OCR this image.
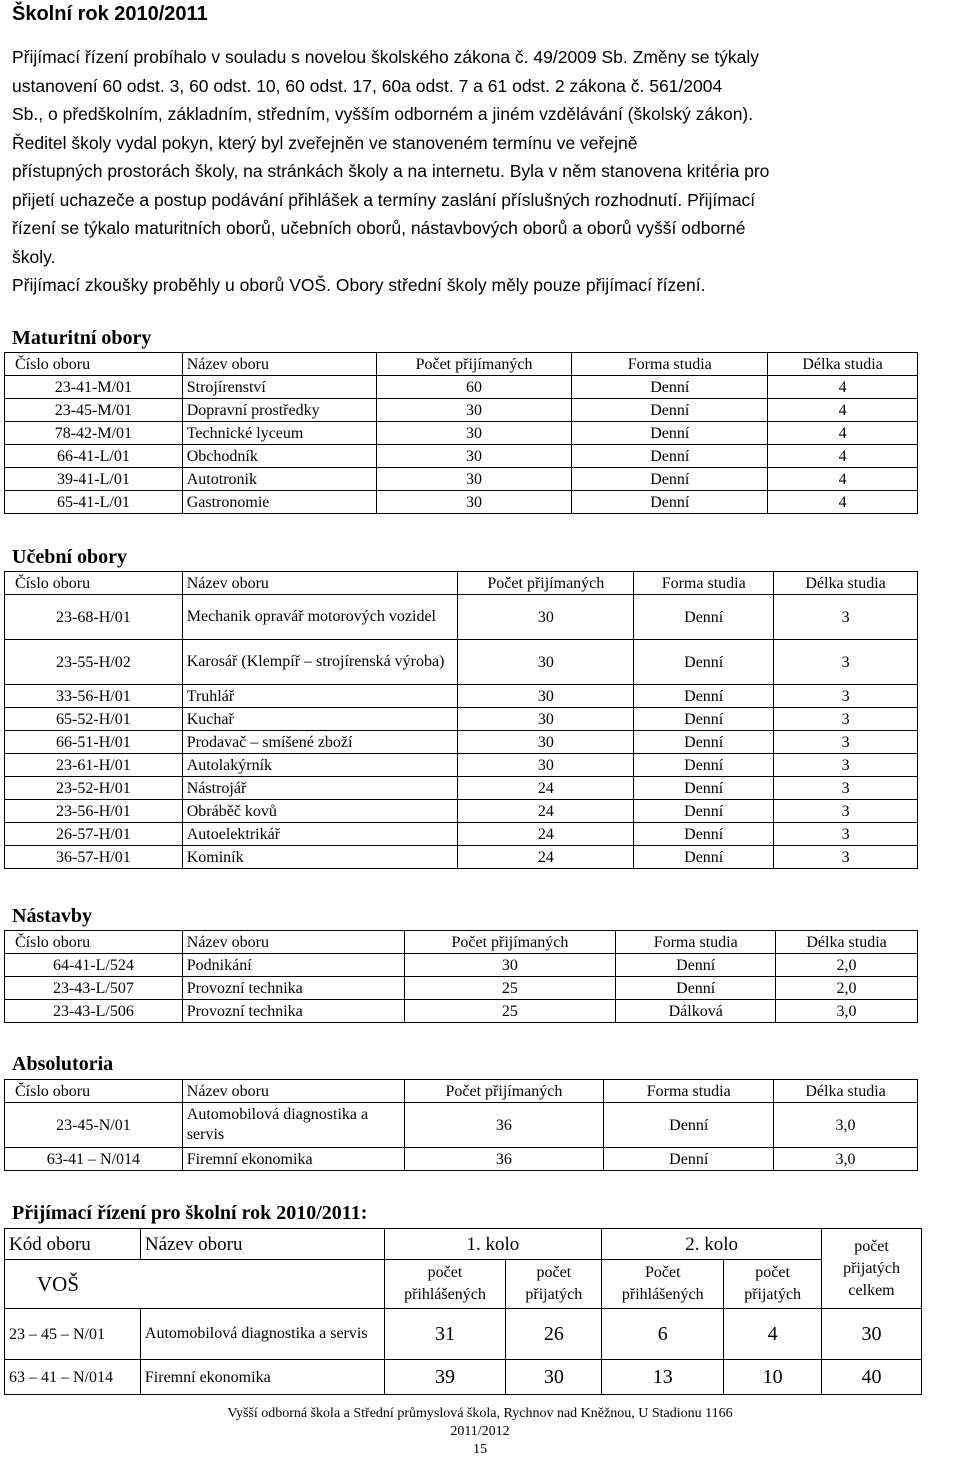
Školní rok 2010/2011
Přijímací řízení probíhalo v souladu s novelou školského zákona č. 49/2009 Sb. Změny se týkaly
ustanovení 60 odst. 3, 60 odst. 10, 60 odst. 17, 60a odst. 7 a 61 odst. 2 zákona č. 561/2004
Sb., o předškolním, základním, středním, vyšším odborném a jiném vzdělávání (školský zákon).
Ředitel školy vydal pokyn, který byl zveřejněn ve stanoveném termínu ve veřejně
přístupných prostorách školy, na stránkách školy a na internetu. Byla v něm stanovena kritéria pro
přijetí uchazeče a postup podávání přihlášek a termíny zaslání příslušných rozhodnutí. Přijímací
řízení se týkalo maturitních oborů, učebních oborů, nástavbových oborů a oborů vyšší odborné
školy.
Přijímací zkoušky proběhly u oborů VOŠ. Obory střední školy měly pouze přijímací řízení.
Maturitní obory
Číslo oboru	Název oboru	Počet přijímaných	Forma studia	Délka studia
23-41-M/01	Strojírenství	60	Denní	4
23-45-M/01	Dopravní prostředky	30	Denní	4
78-42-M/01	Technické lyceum	30	Denní	4
66-41-L/01	Obchodník	30	Denní	4
39-41-L/01	Autotronik	30	Denní	4
65-41-L/01	Gastronomie	30	Denní	4
Učební obory
Číslo oboru	Název oboru	Počet přijímaných	Forma studia	Délka studia
23-68-H/01	Mechanik opravář motorových vozidel	30	Denní	3
23-55-H/02	Karosář (Klempíř – strojírenská výroba)	30	Denní	3
33-56-H/01	Truhlář	30	Denní	3
65-52-H/01	Kuchař	30	Denní	3
66-51-H/01	Prodavač – smíšené zboží	30	Denní	3
23-61-H/01	Autolakýrník	30	Denní	3
23-52-H/01	Nástrojář	24	Denní	3
23-56-H/01	Obráběč kovů	24	Denní	3
26-57-H/01	Autoelektrikář	24	Denní	3
36-57-H/01	Kominík	24	Denní	3
Nástavby
Číslo oboru	Název oboru	Počet přijímaných	Forma studia	Délka studia
64-41-L/524	Podnikání	30	Denní	2,0
23-43-L/507	Provozní technika	25	Denní	2,0
23-43-L/506	Provozní technika	25	Dálková	3,0
Absolutoria
Číslo oboru	Název oboru	Počet přijímaných	Forma studia	Délka studia
23-45-N/01	Automobilová diagnostika a servis	36	Denní	3,0
63-41 – N/014	Firemní ekonomika	36	Denní	3,0
Přijímací řízení pro školní rok 2010/2011:
Kód oboru	Název oboru	1. kolo		2. kolo		počet přijatých celkem
VOŠ		počet přihlášených	počet přijatých	Počet přihlášených	počet přijatých	
23 – 45 – N/01	Automobilová diagnostika a servis	31	26	6	4	30
63 – 41 – N/014	Firemní ekonomika	39	30	13	10	40
Vyšší odborná škola a Střední průmyslová škola, Rychnov nad Kněžnou, U Stadionu 1166
2011/2012
15
